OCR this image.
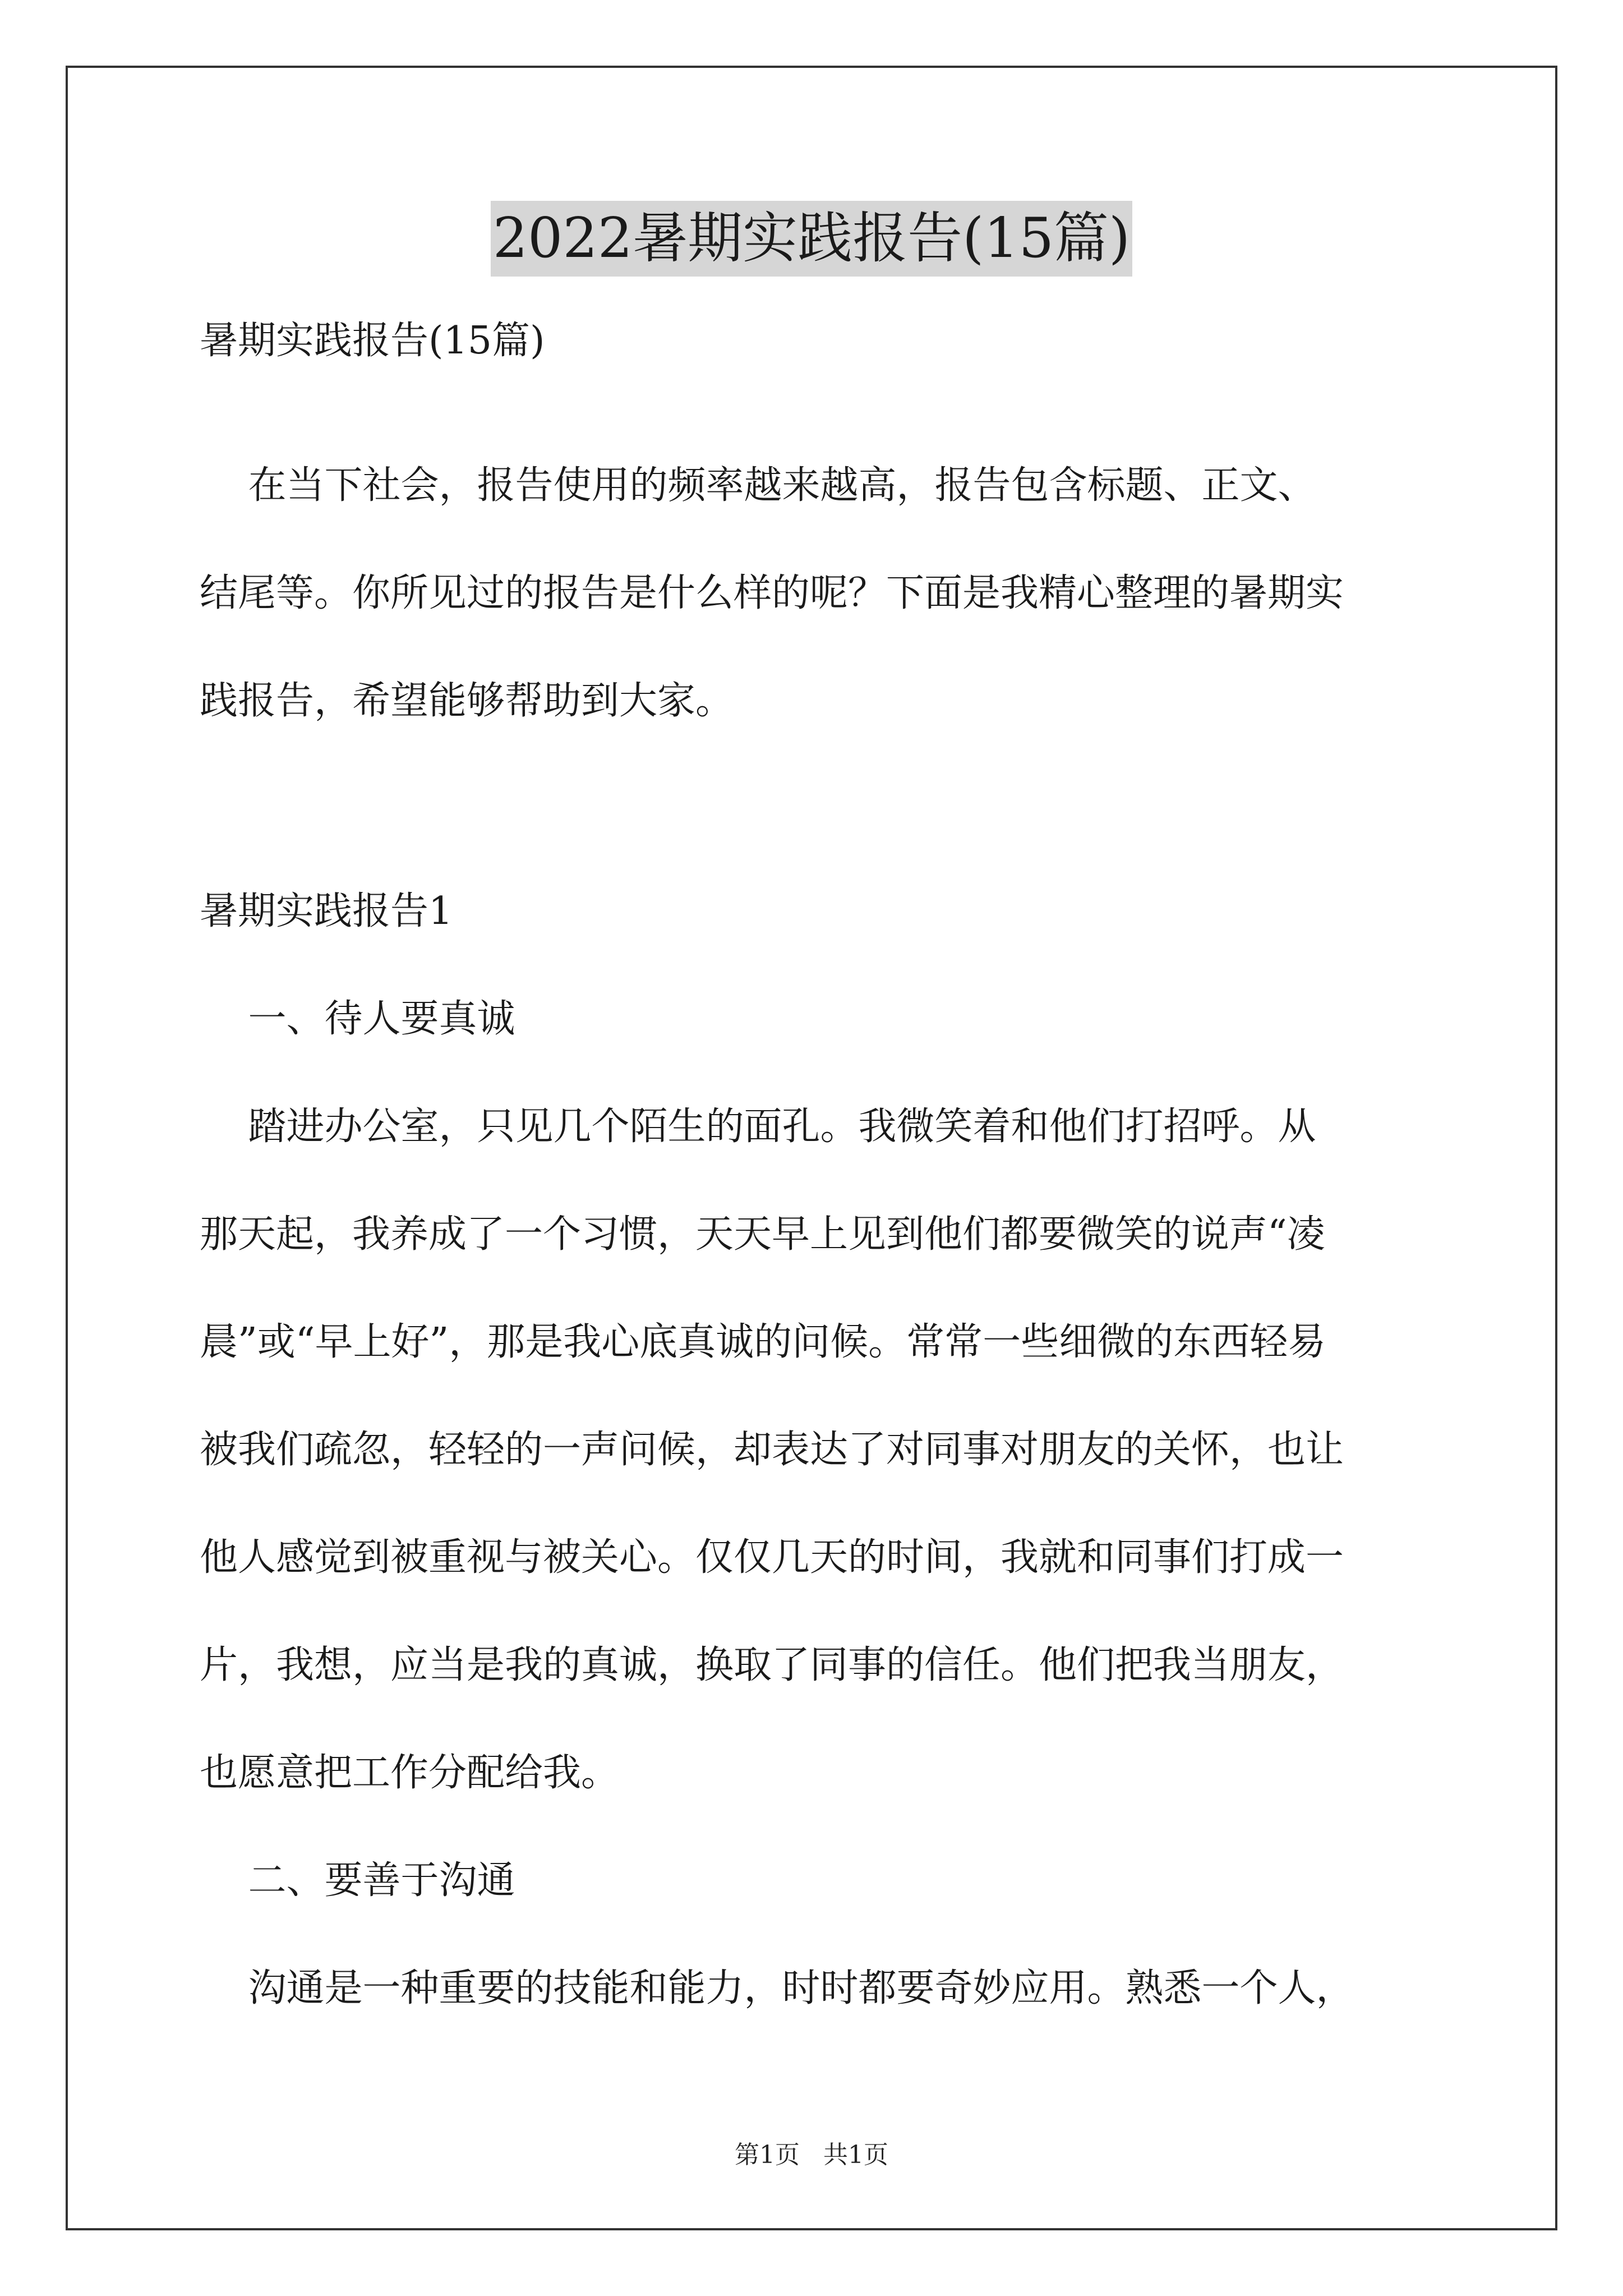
2022暑期实践报告(15篇)
暑期实践报告(15篇)
在当下社会，报告使用的频率越来越高，报告包含标题、正文、
结尾等。你所见过的报告是什么样的呢？下面是我精心整理的暑期实
践报告，希望能够帮助到大家。
暑期实践报告1
一、待人要真诚
踏进办公室，只见几个陌生的面孔。我微笑着和他们打招呼。从
那天起，我养成了一个习惯，天天早上见到他们都要微笑的说声“凌
晨”或“早上好”，那是我心底真诚的问候。常常一些细微的东西轻易
被我们疏忽，轻轻的一声问候，却表达了对同事对朋友的关怀，也让
他人感觉到被重视与被关心。仅仅几天的时间，我就和同事们打成一
片，我想，应当是我的真诚，换取了同事的信任。他们把我当朋友，
也愿意把工作分配给我。
二、要善于沟通
沟通是一种重要的技能和能力，时时都要奇妙应用。熟悉一个人，
第1页   共1页
